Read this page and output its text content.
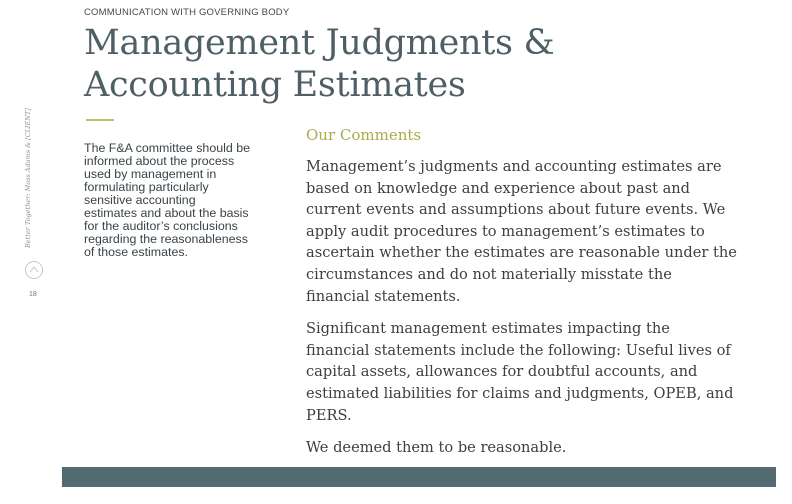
COMMUNICATION WITH GOVERNING BODY
Management Judgments & Accounting Estimates
Better Together: Moss Adams & [CLIENT]
18

The F&A committee should be informed about the process used by management in formulating particularly sensitive accounting estimates and about the basis for the auditor’s conclusions regarding the reasonableness of those estimates.

Our Comments

Management’s judgments and accounting estimates are based on knowledge and experience about past and current events and assumptions about future events. We apply audit procedures to management’s estimates to ascertain whether the estimates are reasonable under the circumstances and do not materially misstate the financial statements.

Significant management estimates impacting the financial statements include the following: Useful lives of capital assets, allowances for doubtful accounts, and estimated liabilities for claims and judgments, OPEB, and PERS.

We deemed them to be reasonable.
